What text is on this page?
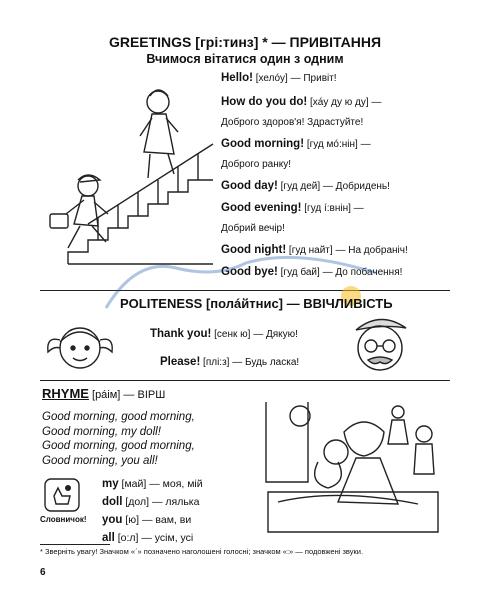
GREETINGS [грі:тинз] * — ПРИВІТАННЯ
Вчимося вітатися один з одним
Hello! [хелóу] — Привіт!
How do you do! [хáу ду ю ду] —
Доброго здоров'я! Здрастуйте!
Good morning! [гуд мó:нін] —
Доброго ранку!
Good day! [гуд дей] — Добридень!
Good evening! [гуд í:внін] —
Добрий вечір!
Good night! [гуд найт] — На добраніч!
Good bye! [гуд бай] — До побачення!
POLITENESS [полáйтнис] — ВВІЧЛИВІСТЬ
Thank you! [сенк ю] — Дякую!
Please! [плі:з] — Будь ласка!
RHYME [рáім] — ВІРШ
Good morning, good morning,
Good morning, my doll!
Good morning, good morning,
Good morning, you all!
Словничок!
my [май] — моя, мій
doll [дол] — лялька
you [ю] — вам, ви
all [о:л] — усім, усі
* Зверніть увагу! Значком «ˊ» позначено наголошені голосні; значком «:» — подовжені звуки.
6
